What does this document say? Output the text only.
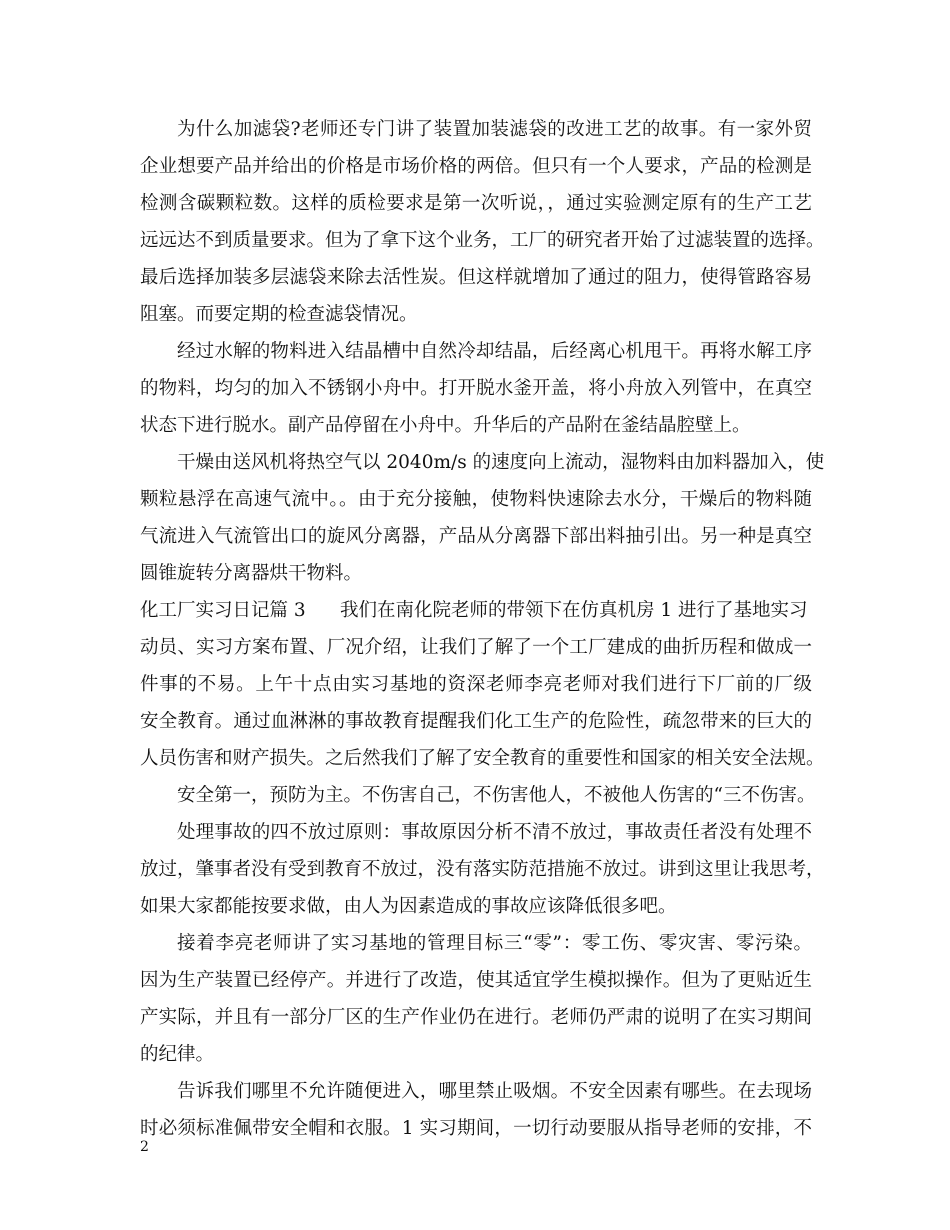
为什么加滤袋?老师还专门讲了装置加装滤袋的改进工艺的故事。有一家外贸
企业想要产品并给出的价格是市场价格的两倍。但只有一个人要求，产品的检测是
检测含碳颗粒数。这样的质检要求是第一次听说，，通过实验测定原有的生产工艺
远远达不到质量要求。但为了拿下这个业务，工厂的研究者开始了过滤装置的选择。
最后选择加装多层滤袋来除去活性炭。但这样就增加了通过的阻力，使得管路容易
阻塞。而要定期的检查滤袋情况。
经过水解的物料进入结晶槽中自然冷却结晶，后经离心机甩干。再将水解工序
的物料，均匀的加入不锈钢小舟中。打开脱水釜开盖，将小舟放入列管中，在真空
状态下进行脱水。副产品停留在小舟中。升华后的产品附在釜结晶腔壁上。
干燥由送风机将热空气以 2040m/s 的速度向上流动，湿物料由加料器加入，使
颗粒悬浮在高速气流中。。由于充分接触，使物料快速除去水分，干燥后的物料随
气流进入气流管出口的旋风分离器，产品从分离器下部出料抽引出。另一种是真空
圆锥旋转分离器烘干物料。
化工厂实习日记篇 3 我们在南化院老师的带领下在仿真机房 1 进行了基地实习
动员、实习方案布置、厂况介绍，让我们了解了一个工厂建成的曲折历程和做成一
件事的不易。上午十点由实习基地的资深老师李亮老师对我们进行下厂前的厂级
安全教育。通过血淋淋的事故教育提醒我们化工生产的危险性，疏忽带来的巨大的
人员伤害和财产损失。之后然我们了解了安全教育的重要性和国家的相关安全法规。
安全第一，预防为主。不伤害自己，不伤害他人，不被他人伤害的“三不伤害。
处理事故的四不放过原则：事故原因分析不清不放过，事故责任者没有处理不
放过，肇事者没有受到教育不放过，没有落实防范措施不放过。讲到这里让我思考，
如果大家都能按要求做，由人为因素造成的事故应该降低很多吧。
接着李亮老师讲了实习基地的管理目标三“零”：零工伤、零灾害、零污染。
因为生产装置已经停产。并进行了改造，使其适宜学生模拟操作。但为了更贴近生
产实际，并且有一部分厂区的生产作业仍在进行。老师仍严肃的说明了在实习期间
的纪律。
告诉我们哪里不允许随便进入，哪里禁止吸烟。不安全因素有哪些。在去现场
时必须标准佩带安全帽和衣服。1 实习期间，一切行动要服从指导老师的安排，不
2
